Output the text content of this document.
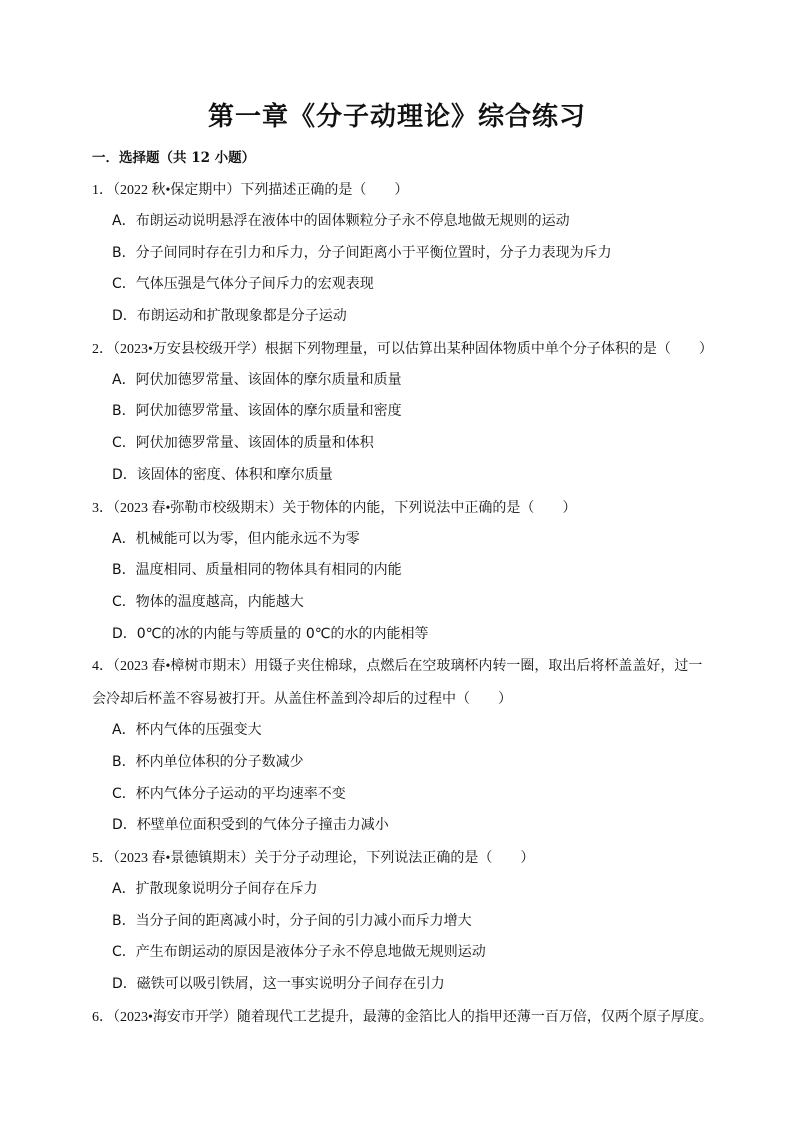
第一章《分子动理论》综合练习
一．选择题（共 12 小题）
1．（2022 秋•保定期中）下列描述正确的是（　　）
A．布朗运动说明悬浮在液体中的固体颗粒分子永不停息地做无规则的运动
B．分子间同时存在引力和斥力，分子间距离小于平衡位置时，分子力表现为斥力
C．气体压强是气体分子间斥力的宏观表现
D．布朗运动和扩散现象都是分子运动
2．（2023•万安县校级开学）根据下列物理量，可以估算出某种固体物质中单个分子体积的是（　　）
A．阿伏加德罗常量、该固体的摩尔质量和质量
B．阿伏加德罗常量、该固体的摩尔质量和密度
C．阿伏加德罗常量、该固体的质量和体积
D．该固体的密度、体积和摩尔质量
3．（2023 春•弥勒市校级期末）关于物体的内能，下列说法中正确的是（　　）
A．机械能可以为零，但内能永远不为零
B．温度相同、质量相同的物体具有相同的内能
C．物体的温度越高，内能越大
D．0℃的冰的内能与等质量的 0℃的水的内能相等
4．（2023 春•樟树市期末）用镊子夹住棉球，点燃后在空玻璃杯内转一圈，取出后将杯盖盖好，过一会冷却后杯盖不容易被打开。从盖住杯盖到冷却后的过程中（　　）
A．杯内气体的压强变大
B．杯内单位体积的分子数减少
C．杯内气体分子运动的平均速率不变
D．杯壁单位面积受到的气体分子撞击力减小
5．（2023 春•景德镇期末）关于分子动理论，下列说法正确的是（　　）
A．扩散现象说明分子间存在斥力
B．当分子间的距离减小时，分子间的引力减小而斥力增大
C．产生布朗运动的原因是液体分子永不停息地做无规则运动
D．磁铁可以吸引铁屑，这一事实说明分子间存在引力
6．（2023•海安市开学）随着现代工艺提升，最薄的金箔比人的指甲还薄一百万倍，仅两个原子厚度。
